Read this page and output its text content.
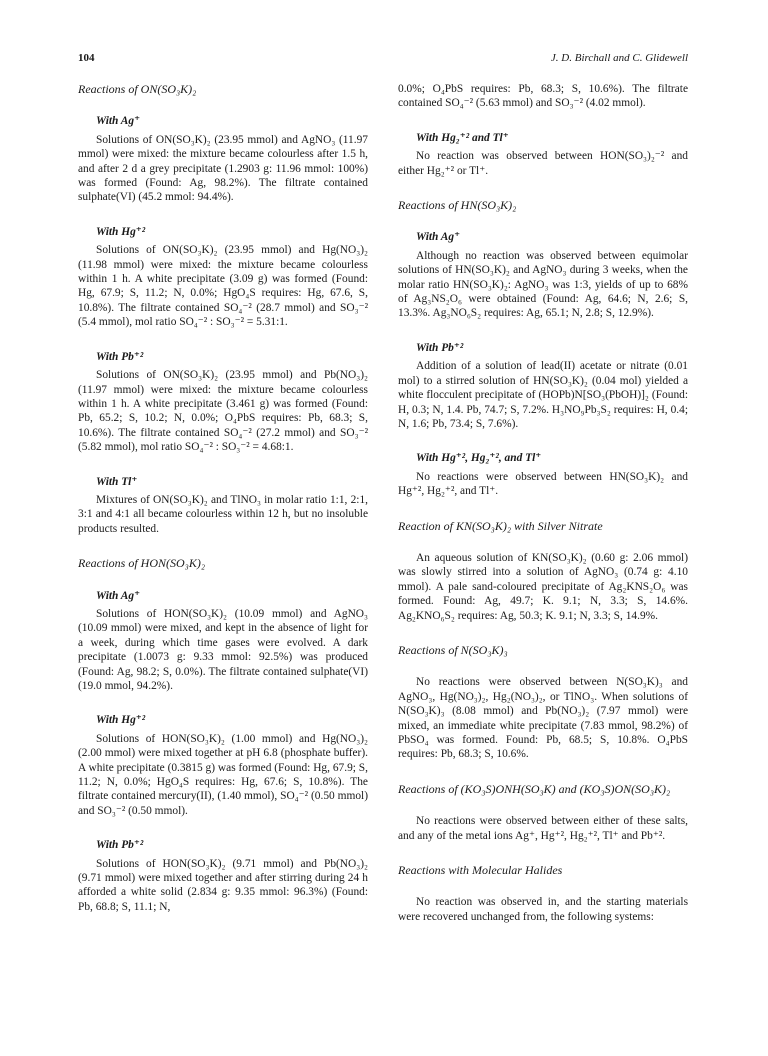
104	J. D. Birchall and C. Glidewell
Reactions of ON(SO₃K)₂
With Ag⁺

Solutions of ON(SO₃K)₂ (23.95 mmol) and AgNO₃ (11.97 mmol) were mixed: the mixture became colourless after 1.5 h, and after 2 d a grey precipitate (1.2903 g: 11.96 mmol: 100%) was formed (Found: Ag, 98.2%). The filtrate contained sulphate(VI) (45.2 mmol: 94.4%).

With Hg⁺²

Solutions of ON(SO₃K)₂ (23.95 mmol) and Hg(NO₃)₂ (11.98 mmol) were mixed: the mixture became colourless within 1 h. A white precipitate (3.09 g) was formed (Found: Hg, 67.9; S, 11.2; N, 0.0%; HgO₄S requires: Hg, 67.6, S, 10.8%). The filtrate contained SO₄⁻² (28.7 mmol) and SO₃⁻² (5.4 mmol), mol ratio SO₄⁻² : SO₃⁻² = 5.31:1.

With Pb⁺²

Solutions of ON(SO₃K)₂ (23.95 mmol) and Pb(NO₃)₂ (11.97 mmol) were mixed: the mixture became colourless within 1 h. A white precipitate (3.461 g) was formed (Found: Pb, 65.2; S, 10.2; N, 0.0%; O₄PbS requires: Pb, 68.3; S, 10.6%). The filtrate contained SO₄⁻² (27.2 mmol) and SO₃⁻² (5.82 mmol), mol ratio SO₄⁻² : SO₃⁻² = 4.68:1.

With Tl⁺

Mixtures of ON(SO₃K)₂ and TlNO₃ in molar ratio 1:1, 2:1, 3:1 and 4:1 all became colourless within 12 h, but no insoluble products resulted.

Reactions of HON(SO₃K)₂
With Ag⁺

Solutions of HON(SO₃K)₂ (10.09 mmol) and AgNO₃ (10.09 mmol) were mixed, and kept in the absence of light for a week, during which time gases were evolved. A dark precipitate (1.0073 g: 9.33 mmol: 92.5%) was produced (Found: Ag, 98.2; S, 0.0%). The filtrate contained sulphate(VI) (19.0 mmol, 94.2%).

With Hg⁺²

Solutions of HON(SO₃K)₂ (1.00 mmol) and Hg(NO₃)₂ (2.00 mmol) were mixed together at pH 6.8 (phosphate buffer). A white precipitate (0.3815 g) was formed (Found: Hg, 67.9; S, 11.2; N, 0.0%; HgO₄S requires: Hg, 67.6; S, 10.8%). The filtrate contained mercury(II), (1.40 mmol), SO₄⁻² (0.50 mmol) and SO₃⁻² (0.50 mmol).

With Pb⁺²

Solutions of HON(SO₃K)₂ (9.71 mmol) and Pb(NO₃)₂ (9.71 mmol) were mixed together and after stirring during 24 h afforded a white solid (2.834 g: 9.35 mmol: 96.3%) (Found: Pb, 68.8; S, 11.1; N,

0.0%; O₄PbS requires: Pb, 68.3; S, 10.6%). The filtrate contained SO₄⁻² (5.63 mmol) and SO₃⁻² (4.02 mmol).

With Hg₂⁺² and Tl⁺

No reaction was observed between HON(SO₃)₂⁻² and either Hg₂⁺² or Tl⁺.

Reactions of HN(SO₃K)₂
With Ag⁺

Although no reaction was observed between equimolar solutions of HN(SO₃K)₂ and AgNO₃ during 3 weeks, when the molar ratio HN(SO₃K)₂: AgNO₃ was 1:3, yields of up to 68% of Ag₃NS₂O₆ were obtained (Found: Ag, 64.6; N, 2.6; S, 13.3%. Ag₃NO₆S₂ requires: Ag, 65.1; N, 2.8; S, 12.9%).

With Pb⁺²

Addition of a solution of lead(II) acetate or nitrate (0.01 mol) to a stirred solution of HN(SO₃K)₂ (0.04 mol) yielded a white flocculent precipitate of (HOPb)N[SO₃(PbOH)]₂ (Found: H, 0.3; N, 1.4. Pb, 74.7; S, 7.2%. H₃NO₉Pb₃S₂ requires: H, 0.4; N, 1.6; Pb, 73.4; S, 7.6%).

With Hg⁺², Hg₂⁺², and Tl⁺

No reactions were observed between HN(SO₃K)₂ and Hg⁺², Hg₂⁺², and Tl⁺.

Reaction of KN(SO₃K)₂ with Silver Nitrate

An aqueous solution of KN(SO₃K)₂ (0.60 g: 2.06 mmol) was slowly stirred into a solution of AgNO₃ (0.74 g: 4.10 mmol). A pale sand-coloured precipitate of Ag₂KNS₂O₆ was formed. Found: Ag, 49.7; K. 9.1; N, 3.3; S, 14.6%. Ag₂KNO₆S₂ requires: Ag, 50.3; K. 9.1; N, 3.3; S, 14.9%.

Reactions of N(SO₃K)₃

No reactions were observed between N(SO₃K)₃ and AgNO₃, Hg(NO₃)₂, Hg₂(NO₃)₂, or TlNO₃. When solutions of N(SO₃K)₃ (8.08 mmol) and Pb(NO₃)₂ (7.97 mmol) were mixed, an immediate white precipitate (7.83 mmol, 98.2%) of PbSO₄ was formed. Found: Pb, 68.5; S, 10.8%. O₄PbS requires: Pb, 68.3; S, 10.6%.

Reactions of (KO₃S)ONH(SO₃K) and (KO₃S)ON(SO₃K)₂

No reactions were observed between either of these salts, and any of the metal ions Ag⁺, Hg⁺², Hg₂⁺², Tl⁺ and Pb⁺².

Reactions with Molecular Halides

No reaction was observed in, and the starting materials were recovered unchanged from, the following systems:
